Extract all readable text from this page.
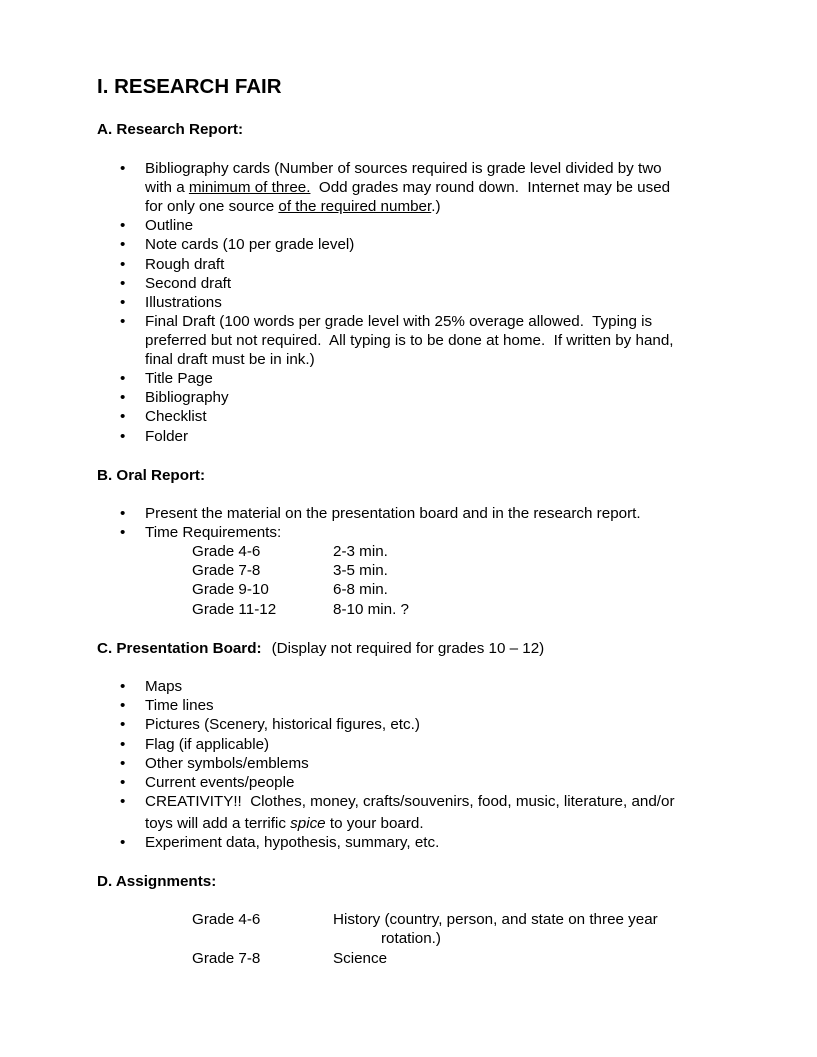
I. RESEARCH FAIR
A. Research Report:
• Bibliography cards (Number of sources required is grade level divided by two
with a minimum of three.  Odd grades may round down.  Internet may be used
for only one source of the required number.)
• Outline
• Note cards (10 per grade level)
• Rough draft
• Second draft
• Illustrations
• Final Draft (100 words per grade level with 25% overage allowed.  Typing is
preferred but not required.  All typing is to be done at home.  If written by hand,
final draft must be in ink.)
• Title Page
• Bibliography
• Checklist
• Folder
B. Oral Report:
• Present the material on the presentation board and in the research report.
• Time Requirements:
Grade 4-6	2-3 min.
Grade 7-8	3-5 min.
Grade 9-10	6-8 min.
Grade 11-12	8-10 min. ?
C. Presentation Board: (Display not required for grades 10 – 12)
• Maps
• Time lines
• Pictures (Scenery, historical figures, etc.)
• Flag (if applicable)
• Other symbols/emblems
• Current events/people
• CREATIVITY!!  Clothes, money, crafts/souvenirs, food, music, literature, and/or
toys will add a terrific spice to your board.
• Experiment data, hypothesis, summary, etc.
D. Assignments:
Grade 4-6	History (country, person, and state on three year
rotation.)
Grade 7-8	Science
